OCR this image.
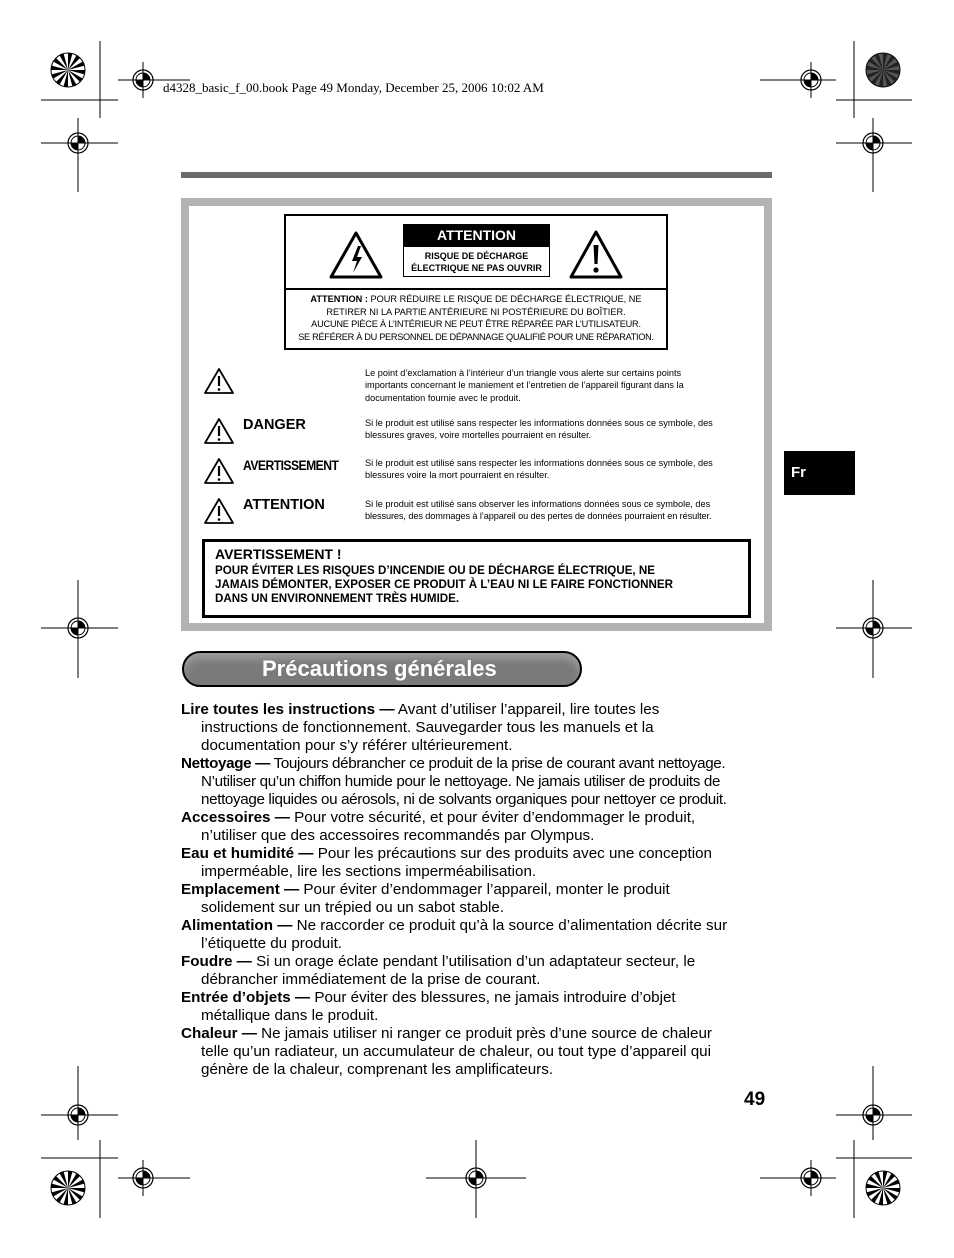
d4328_basic_f_00.book Page 49 Monday, December 25, 2006 10:02 AM
ATTENTION
RISQUE DE DÉCHARGE
ÉLECTRIQUE NE PAS OUVRIR
ATTENTION : POUR RÉDUIRE LE RISQUE DE DÉCHARGE ÉLECTRIQUE, NE
RETIRER NI LA PARTIE ANTÉRIEURE NI POSTÉRIEURE DU BOÎTIER.
AUCUNE PIÈCE À L’INTÉRIEUR NE PEUT ÊTRE RÉPARÉE PAR L’UTILISATEUR.
SE RÉFÉRER À DU PERSONNEL DE DÉPANNAGE QUALIFIÉ POUR UNE RÉPARATION.
Le point d’exclamation à l’intérieur d’un triangle vous alerte sur certains points
importants concernant le maniement et l’entretien de l’appareil figurant dans la
documentation fournie avec le produit.
DANGER	Si le produit est utilisé sans respecter les informations données sous ce symbole, des
blessures graves, voire mortelles pourraient en résulter.
AVERTISSEMENT	Si le produit est utilisé sans respecter les informations données sous ce symbole, des
blessures voire la mort pourraient en résulter.
ATTENTION	Si le produit est utilisé sans observer les informations données sous ce symbole, des
blessures, des dommages à l’appareil ou des pertes de données pourraient en résulter.
AVERTISSEMENT !
POUR ÉVITER LES RISQUES D’INCENDIE OU DE DÉCHARGE ÉLECTRIQUE, NE
JAMAIS DÉMONTER, EXPOSER CE PRODUIT À L’EAU NI LE FAIRE FONCTIONNER
DANS UN ENVIRONNEMENT TRÈS HUMIDE.
Précautions générales

Lire toutes les instructions — Avant d’utiliser l’appareil, lire toutes les
instructions de fonctionnement. Sauvegarder tous les manuels et la
documentation pour s’y référer ultérieurement.

Nettoyage — Toujours débrancher ce produit de la prise de courant avant nettoyage.
N’utiliser qu’un chiffon humide pour le nettoyage. Ne jamais utiliser de produits de
nettoyage liquides ou aérosols, ni de solvants organiques pour nettoyer ce produit.

Accessoires — Pour votre sécurité, et pour éviter d’endommager le produit,
n’utiliser que des accessoires recommandés par Olympus.

Eau et humidité — Pour les précautions sur des produits avec une conception
imperméable, lire les sections imperméabilisation.

Emplacement — Pour éviter d’endommager l’appareil, monter le produit
solidement sur un trépied ou un sabot stable.

Alimentation — Ne raccorder ce produit qu’à la source d’alimentation décrite sur
l’étiquette du produit.

Foudre — Si un orage éclate pendant l’utilisation d’un adaptateur secteur, le
débrancher immédiatement de la prise de courant.

Entrée d’objets — Pour éviter des blessures, ne jamais introduire d’objet
métallique dans le produit.

Chaleur — Ne jamais utiliser ni ranger ce produit près d’une source de chaleur
telle qu’un radiateur, un accumulateur de chaleur, ou tout type d’appareil qui
génère de la chaleur, comprenant les amplificateurs.

Fr
49
